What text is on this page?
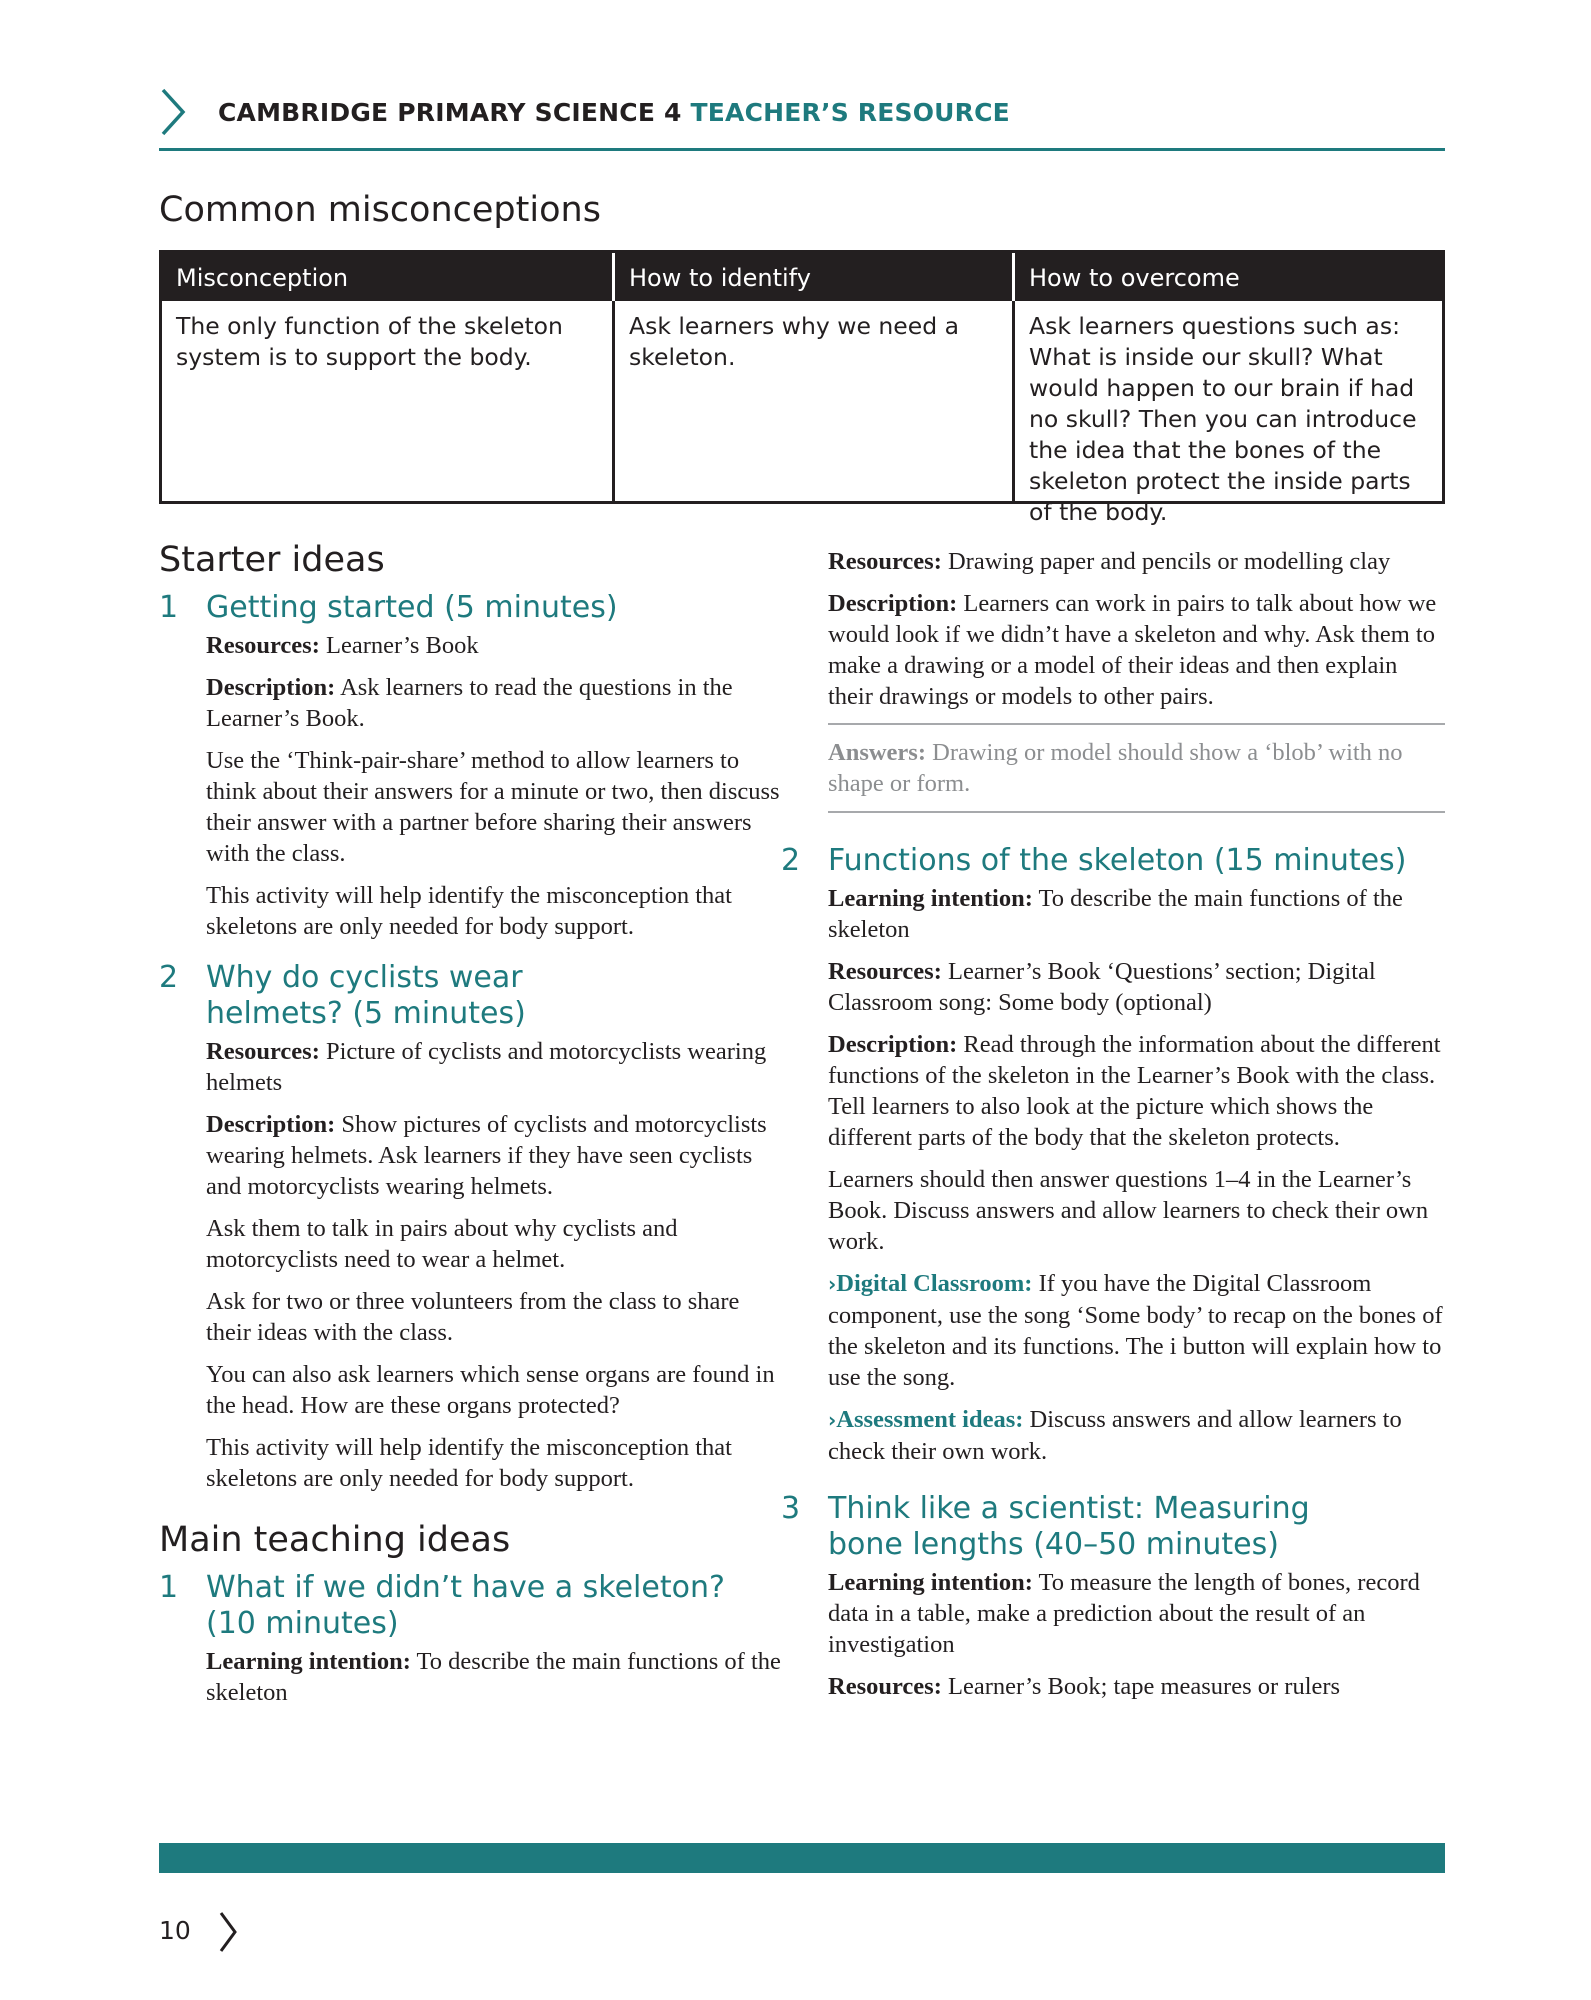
CAMBRIDGE PRIMARY SCIENCE 4 TEACHER’S RESOURCE
Common misconceptions
Misconception	How to identify	How to overcome
The only function of the skeleton system is to support the body.
Ask learners why we need a skeleton.
Ask learners questions such as: What is inside our skull? What would happen to our brain if had no skull? Then you can introduce the idea that the bones of the skeleton protect the inside parts of the body.
Starter ideas
1 Getting started (5 minutes)

Resources: Learner’s Book

Description: Ask learners to read the questions in the Learner’s Book.

Use the ‘Think-pair-share’ method to allow learners to think about their answers for a minute or two, then discuss their answer with a partner before sharing their answers with the class.

This activity will help identify the misconception that skeletons are only needed for body support.

2 Why do cyclists wear helmets? (5 minutes)

Resources: Picture of cyclists and motorcyclists wearing helmets

Description: Show pictures of cyclists and motorcyclists wearing helmets. Ask learners if they have seen cyclists and motorcyclists wearing helmets.

Ask them to talk in pairs about why cyclists and motorcyclists need to wear a helmet.

Ask for two or three volunteers from the class to share their ideas with the class.

You can also ask learners which sense organs are found in the head. How are these organs protected?

This activity will help identify the misconception that skeletons are only needed for body support.

Main teaching ideas
1 What if we didn’t have a skeleton? (10 minutes)

Learning intention: To describe the main functions of the skeleton

Resources: Drawing paper and pencils or modelling clay

Description: Learners can work in pairs to talk about how we would look if we didn’t have a skeleton and why. Ask them to make a drawing or a model of their ideas and then explain their drawings or models to other pairs.

Answers: Drawing or model should show a ‘blob’ with no shape or form.

2 Functions of the skeleton (15 minutes)

Learning intention: To describe the main functions of the skeleton

Resources: Learner’s Book ‘Questions’ section; Digital Classroom song: Some body (optional)

Description: Read through the information about the different functions of the skeleton in the Learner’s Book with the class. Tell learners to also look at the picture which shows the different parts of the body that the skeleton protects.

Learners should then answer questions 1–4 in the Learner’s Book. Discuss answers and allow learners to check their own work.

›Digital Classroom: If you have the Digital Classroom component, use the song ‘Some body’ to recap on the bones of the skeleton and its functions. The i button will explain how to use the song.

›Assessment ideas: Discuss answers and allow learners to check their own work.

3 Think like a scientist: Measuring bone lengths (40–50 minutes)

Learning intention: To measure the length of bones, record data in a table, make a prediction about the result of an investigation

Resources: Learner’s Book; tape measures or rulers

10
